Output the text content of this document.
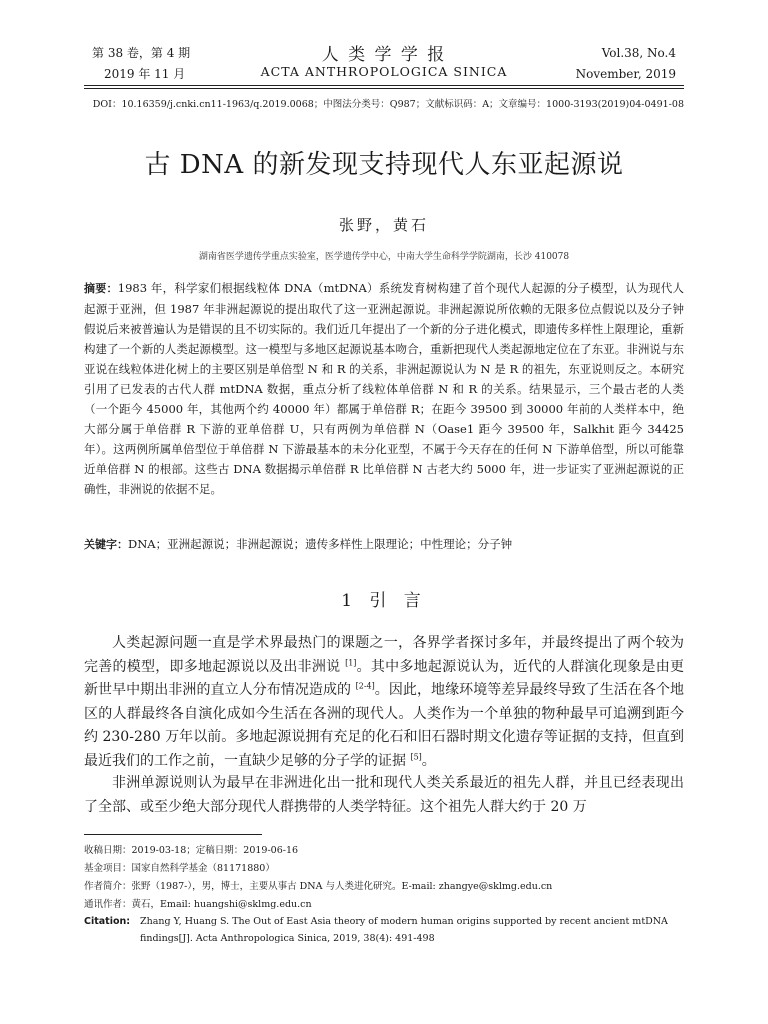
第 38 卷，第 4 期
2019 年 11 月
人 类 学 学 报
ACTA ANTHROPOLOGICA SINICA
Vol.38, No.4
November, 2019
DOI：10.16359/j.cnki.cn11-1963/q.2019.0068；中图法分类号：Q987；文献标识码：A；文章编号：1000-3193(2019)04-0491-08
古 DNA 的新发现支持现代人东亚起源说
张野，黄石
湖南省医学遗传学重点实验室，医学遗传学中心，中南大学生命科学学院湖南，长沙 410078
摘要：1983 年，科学家们根据线粒体 DNA（mtDNA）系统发育树构建了首个现代人起源的分子模型，认为现代人起源于亚洲，但 1987 年非洲起源说的提出取代了这一亚洲起源说。非洲起源说所依赖的无限多位点假说以及分子钟假说后来被普遍认为是错误的且不切实际的。我们近几年提出了一个新的分子进化模式，即遗传多样性上限理论，重新构建了一个新的人类起源模型。这一模型与多地区起源说基本吻合，重新把现代人类起源地定位在了东亚。非洲说与东亚说在线粒体进化树上的主要区别是单倍型 N 和 R 的关系，非洲起源说认为 N 是 R 的祖先，东亚说则反之。本研究引用了已发表的古代人群 mtDNA 数据，重点分析了线粒体单倍群 N 和 R 的关系。结果显示，三个最古老的人类（一个距今 45000 年，其他两个约 40000 年）都属于单倍群 R；在距今 39500 到 30000 年前的人类样本中，绝大部分属于单倍群 R 下游的亚单倍群 U，只有两例为单倍群 N（Oase1 距今 39500 年，Salkhit 距今 34425 年）。这两例所属单倍型位于单倍群 N 下游最基本的未分化亚型，不属于今天存在的任何 N 下游单倍型，所以可能靠近单倍群 N 的根部。这些古 DNA 数据揭示单倍群 R 比单倍群 N 古老大约 5000 年，进一步证实了亚洲起源说的正确性，非洲说的依据不足。
关键字：DNA；亚洲起源说；非洲起源说；遗传多样性上限理论；中性理论；分子钟
1 引 言
人类起源问题一直是学术界最热门的课题之一，各界学者探讨多年，并最终提出了两个较为完善的模型，即多地起源说以及出非洲说 [1]。其中多地起源说认为，近代的人群演化现象是由更新世早中期出非洲的直立人分布情况造成的 [2-4]。因此，地缘环境等差异最终导致了生活在各个地区的人群最终各自演化成如今生活在各洲的现代人。人类作为一个单独的物种最早可追溯到距今约 230-280 万年以前。多地起源说拥有充足的化石和旧石器时期文化遗存等证据的支持，但直到最近我们的工作之前，一直缺少足够的分子学的证据 [5]。
非洲单源说则认为最早在非洲进化出一批和现代人类关系最近的祖先人群，并且已经表现出了全部、或至少绝大部分现代人群携带的人类学特征。这个祖先人群大约于 20 万
收稿日期：2019-03-18；定稿日期：2019-06-16
基金项目：国家自然科学基金（81171880）
作者简介：张野（1987-），男，博士，主要从事古 DNA 与人类进化研究。E-mail: zhangye@sklmg.edu.cn
通讯作者：黄石，Email: huangshi@sklmg.edu.cn
Citation: Zhang Y, Huang S. The Out of East Asia theory of modern human origins supported by recent ancient mtDNA findings[J]. Acta Anthropologica Sinica, 2019, 38(4): 491-498
